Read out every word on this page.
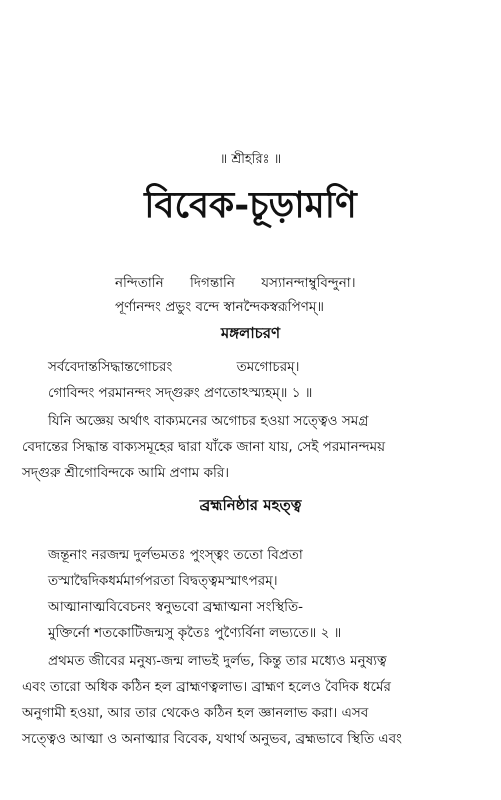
॥ শ্রীহরিঃ ॥
বিবেক-চূড়ামণি
নন্দিতানি দিগন্তানি যস্যানন্দাম্বুবিন্দুনা।
পূর্ণানন্দং প্রভুং বন্দে স্বানন্দৈকস্বরূপিণম্॥
মঙ্গলাচরণ
সর্ববেদান্তসিদ্ধান্তগোচরং	তমগোচরম্।
গোবিন্দং পরমানন্দং সদ্গুরুং প্রণতোঽস্ম্যহম্॥ ১ ॥
যিনি অজ্ঞেয় অর্থাৎ বাক্যমনের অগোচর হওয়া সত্ত্বেও সমগ্র
বেদান্তের সিদ্ধান্ত বাক্যসমূহের দ্বারা যাঁকে জানা যায়, সেই পরমানন্দময়
সদ্গুরু শ্রীগোবিন্দকে আমি প্রণাম করি।
ব্রহ্মনিষ্ঠার মহত্ত্ব
জন্তূনাং নরজন্ম দুর্লভমতঃ পুংস্ত্বং ততো বিপ্রতা
তস্মাদ্বৈদিকধর্মমার্গপরতা বিদ্বত্ত্বমস্মাৎপরম্।
আত্মানাত্মবিবেচনং স্বনুভবো ব্রহ্মাত্মনা সংস্থিতি-
মুক্তির্নো শতকোটিজন্মসু কৃতৈঃ পুণ্যৈর্বিনা লভ্যতে॥ ২ ॥
প্রথমত জীবের মনুষ্য-জন্ম লাভই দুর্লভ, কিন্তু তার মধ্যেও মনুষ্যত্ব
এবং তারো অধিক কঠিন হল ব্রাহ্মণত্বলাভ। ব্রাহ্মণ হলেও বৈদিক ধর্মের
অনুগামী হওয়া, আর তার থেকেও কঠিন হল জ্ঞানলাভ করা। এসব
সত্ত্বেও আত্মা ও অনাত্মার বিবেক, যথার্থ অনুভব, ব্রহ্মভাবে স্থিতি এবং
